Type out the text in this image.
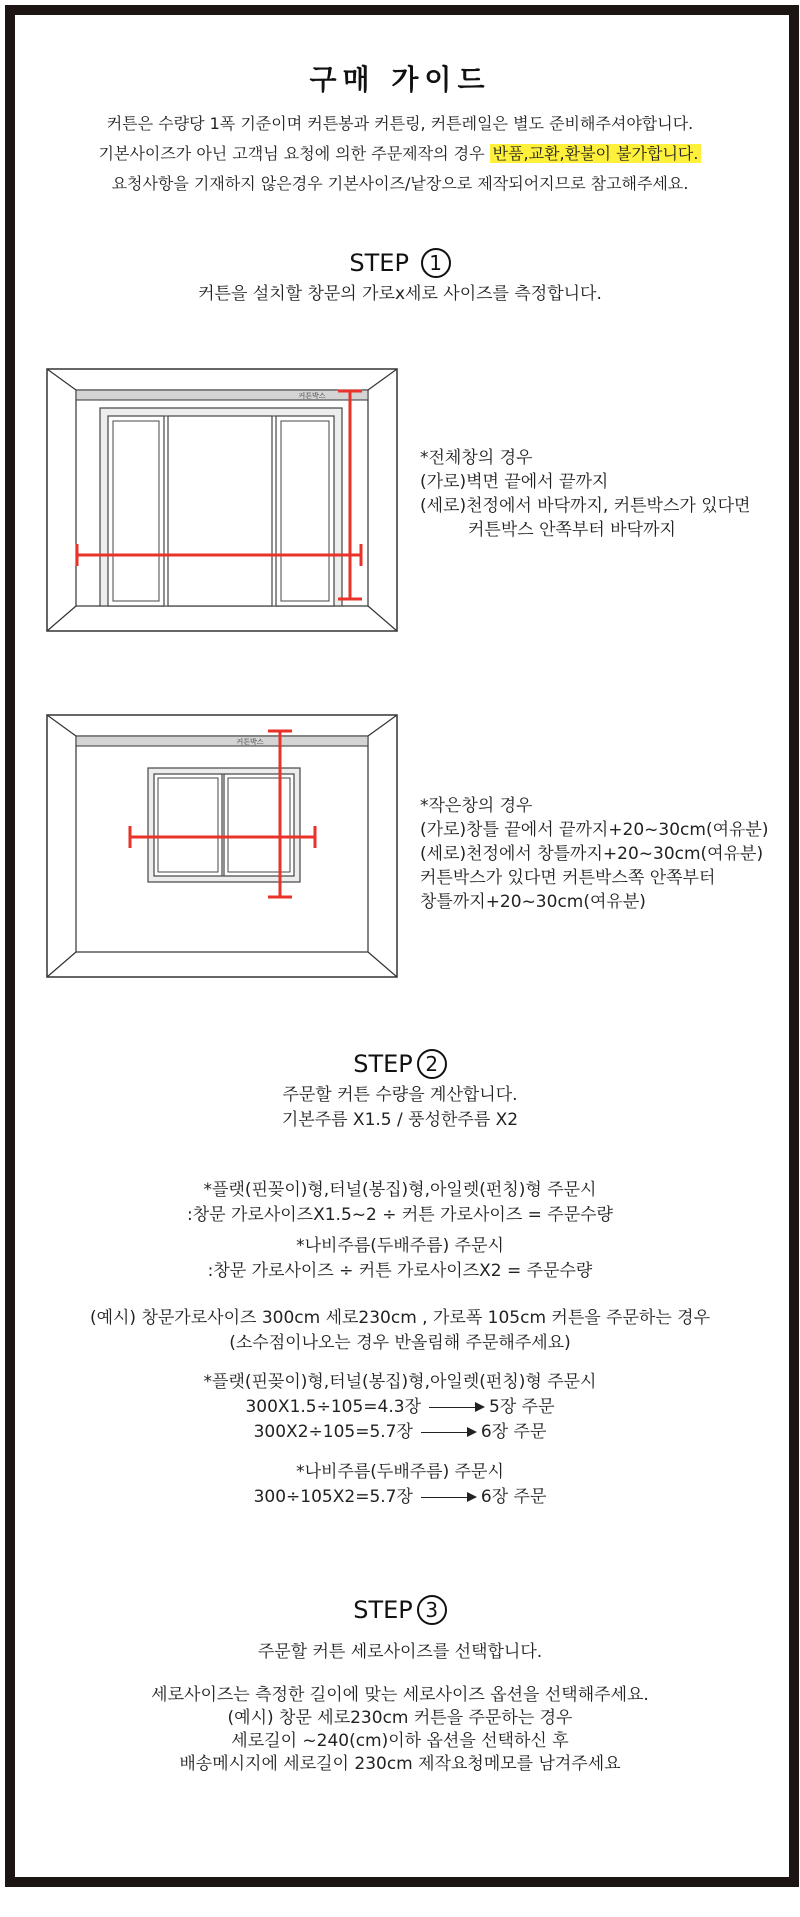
구매 가이드
커튼은 수량당 1폭 기준이며 커튼봉과 커튼링, 커튼레일은 별도 준비해주셔야합니다.
기본사이즈가 아닌 고객님 요청에 의한 주문제작의 경우 반품,교환,환불이 불가합니다.
요청사항을 기재하지 않은경우 기본사이즈/낱장으로 제작되어지므로 참고해주세요.
STEP 1
커튼을 설치할 창문의 가로x세로 사이즈를 측정합니다.
커튼박스
*전체창의 경우
(가로)벽면 끝에서 끝까지
(세로)천정에서 바닥까지, 커튼박스가 있다면
커튼박스 안쪽부터 바닥까지
커튼박스
*작은창의 경우
(가로)창틀 끝에서 끝까지+20~30cm(여유분)
(세로)천정에서 창틀까지+20~30cm(여유분)
커튼박스가 있다면 커튼박스쪽 안쪽부터
창틀까지+20~30cm(여유분)
STEP 2
주문할 커튼 수량을 계산합니다.
기본주름 X1.5 / 풍성한주름 X2
*플랫(핀꽂이)형,터널(봉집)형,아일렛(펀칭)형 주문시
:창문 가로사이즈X1.5~2 ÷ 커튼 가로사이즈 = 주문수량
*나비주름(두배주름) 주문시
:창문 가로사이즈 ÷ 커튼 가로사이즈X2 = 주문수량
(예시) 창문가로사이즈 300cm 세로230cm , 가로폭 105cm 커튼을 주문하는 경우
(소수점이나오는 경우 반올림해 주문해주세요)
*플랫(핀꽂이)형,터널(봉집)형,아일렛(펀칭)형 주문시
300X1.5÷105=4.3장	5장 주문
300X2÷105=5.7장	6장 주문
*나비주름(두배주름) 주문시
300÷105X2=5.7장	6장 주문
STEP 3
주문할 커튼 세로사이즈를 선택합니다.
세로사이즈는 측정한 길이에 맞는 세로사이즈 옵션을 선택해주세요.
(예시) 창문 세로230cm 커튼을 주문하는 경우
세로길이 ~240(cm)이하 옵션을 선택하신 후
배송메시지에 세로길이 230cm 제작요청메모를 남겨주세요
